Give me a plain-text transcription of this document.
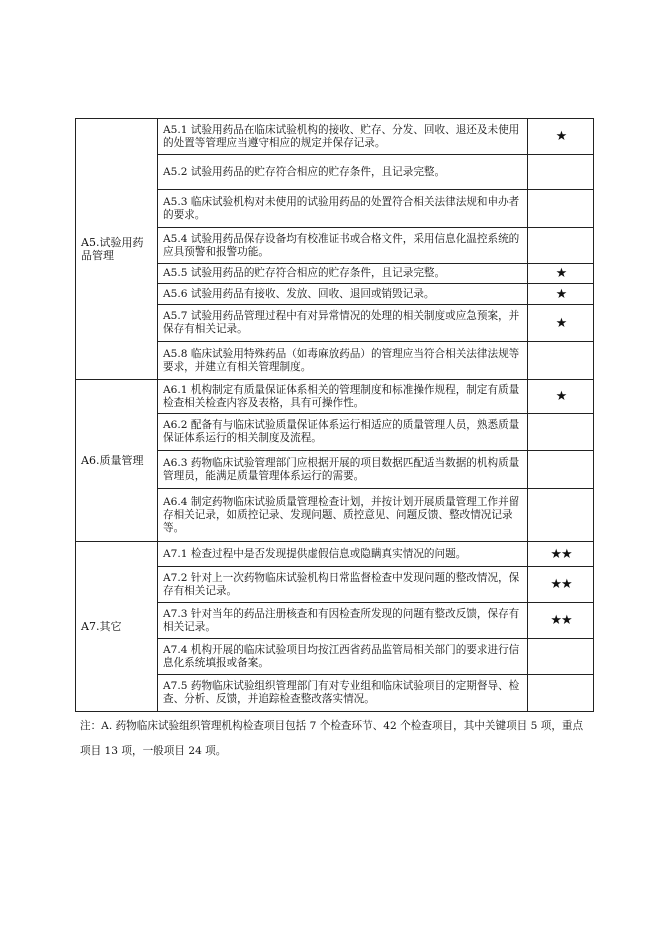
A5.试验用药品管理	A5.1 试验用药品在临床试验机构的接收、贮存、分发、回收、退还及未使用的处置等管理应当遵守相应的规定并保存记录。	★
	A5.2 试验用药品的贮存符合相应的贮存条件，且记录完整。	
	A5.3 临床试验机构对未使用的试验用药品的处置符合相关法律法规和申办者的要求。	
	A5.4 试验用药品保存设备均有校准证书或合格文件，采用信息化温控系统的应具预警和报警功能。	
	A5.5 试验用药品的贮存符合相应的贮存条件，且记录完整。	★
	A5.6 试验用药品有接收、发放、回收、退回或销毁记录。	★
	A5.7 试验用药品管理过程中有对异常情况的处理的相关制度或应急预案，并保存有相关记录。	★
	A5.8 临床试验用特殊药品（如毒麻放药品）的管理应当符合相关法律法规等要求，并建立有相关管理制度。	
A6.质量管理	A6.1 机构制定有质量保证体系相关的管理制度和标准操作规程，制定有质量检查相关检查内容及表格，具有可操作性。	★
	A6.2 配备有与临床试验质量保证体系运行相适应的质量管理人员，熟悉质量保证体系运行的相关制度及流程。	
	A6.3 药物临床试验管理部门应根据开展的项目数据匹配适当数据的机构质量管理员，能满足质量管理体系运行的需要。	
	A6.4 制定药物临床试验质量管理检查计划，并按计划开展质量管理工作并留存相关记录，如质控记录、发现问题、质控意见、问题反馈、整改情况记录等。	
A7.其它	A7.1 检查过程中是否发现提供虚假信息或隐瞒真实情况的问题。	★★
	A7.2 针对上一次药物临床试验机构日常监督检查中发现问题的整改情况，保存有相关记录。	★★
	A7.3 针对当年的药品注册核查和有因检查所发现的问题有整改反馈，保存有相关记录。	★★
	A7.4 机构开展的临床试验项目均按江西省药品监管局相关部门的要求进行信息化系统填报或备案。	
	A7.5 药物临床试验组织管理部门有对专业组和临床试验项目的定期督导、检查、分析、反馈，并追踪检查整改落实情况。	
注：A. 药物临床试验组织管理机构检查项目包括 7 个检查环节、42 个检查项目，其中关键项目 5 项，重点项目 13 项，一般项目 24 项。
